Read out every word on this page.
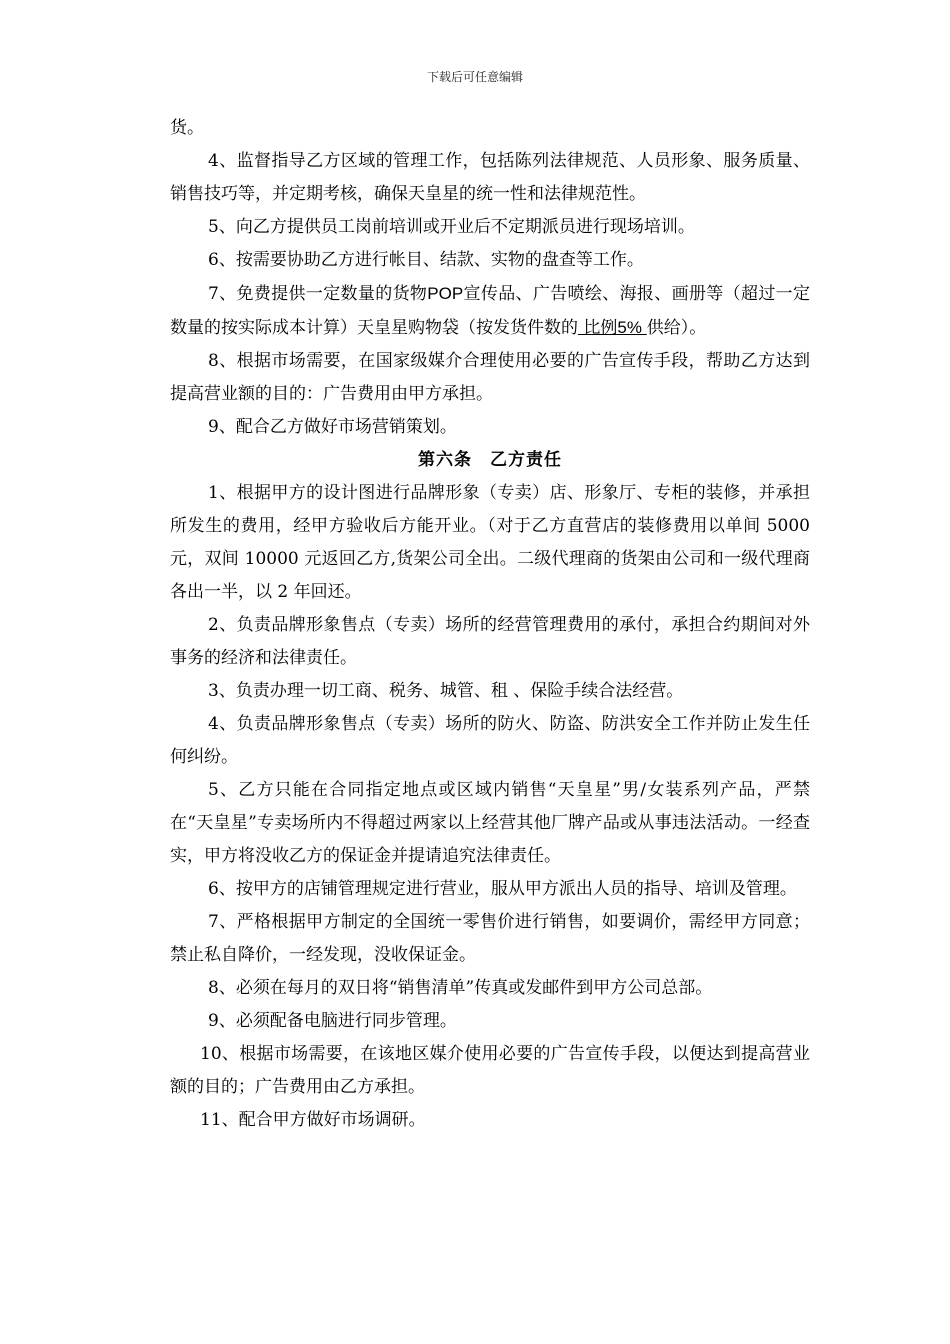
下载后可任意编辑

货。

4、监督指导乙方区域的管理工作，包括陈列法律规范、人员形象、服务质量、销售技巧等，并定期考核，确保天皇星的统一性和法律规范性。

5、向乙方提供员工岗前培训或开业后不定期派员进行现场培训。

6、按需要协助乙方进行帐目、结款、实物的盘查等工作。

7、免费提供一定数量的货物POP宣传品、广告喷绘、海报、画册等（超过一定数量的按实际成本计算）天皇星购物袋（按发货件数的 比例5% 供给）。

8、根据市场需要，在国家级媒介合理使用必要的广告宣传手段，帮助乙方达到提高营业额的目的：广告费用由甲方承担。

9、配合乙方做好市场营销策划。

第六条　乙方责任

1、根据甲方的设计图进行品牌形象（专卖）店、形象厅、专柜的装修，并承担所发生的费用，经甲方验收后方能开业。（对于乙方直营店的装修费用以单间 5000 元，双间 10000 元返回乙方,货架公司全出。二级代理商的货架由公司和一级代理商各出一半，以 2 年回还。

2、负责品牌形象售点（专卖）场所的经营管理费用的承付，承担合约期间对外事务的经济和法律责任。

3、负责办理一切工商、税务、城管、租 、保险手续合法经营。

4、负责品牌形象售点（专卖）场所的防火、防盗、防洪安全工作并防止发生任何纠纷。

5、乙方只能在合同指定地点或区域内销售“天皇星”男/女装系列产品，严禁在“天皇星”专卖场所内不得超过两家以上经营其他厂牌产品或从事违法活动。一经查实，甲方将没收乙方的保证金并提请追究法律责任。

6、按甲方的店铺管理规定进行营业，服从甲方派出人员的指导、培训及管理。

7、严格根据甲方制定的全国统一零售价进行销售，如要调价，需经甲方同意；禁止私自降价，一经发现，没收保证金。

8、必须在每月的双日将“销售清单”传真或发邮件到甲方公司总部。

9、必须配备电脑进行同步管理。

10、根据市场需要，在该地区媒介使用必要的广告宣传手段，以便达到提高营业额的目的；广告费用由乙方承担。

11、配合甲方做好市场调研。
